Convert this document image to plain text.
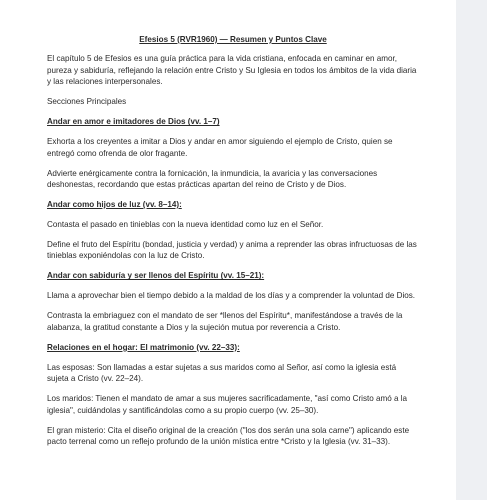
Efesios 5 (RVR1960) — Resumen y Puntos Clave

El capítulo 5 de Efesios es una guía práctica para la vida cristiana, enfocada en caminar en amor, pureza y sabiduría, reflejando la relación entre Cristo y Su Iglesia en todos los ámbitos de la vida diaria y las relaciones interpersonales.

Secciones Principales

Andar en amor e imitadores de Dios (vv. 1–7)

Exhorta a los creyentes a imitar a Dios y andar en amor siguiendo el ejemplo de Cristo, quien se entregó como ofrenda de olor fragante.

Advierte enérgicamente contra la fornicación, la inmundicia, la avaricia y las conversaciones deshonestas, recordando que estas prácticas apartan del reino de Cristo y de Dios.

Andar como hijos de luz (vv. 8–14):

Contasta el pasado en tinieblas con la nueva identidad como luz en el Señor.

Define el fruto del Espíritu (bondad, justicia y verdad) y anima a reprender las obras infructuosas de las tinieblas exponiéndolas con la luz de Cristo.

Andar con sabiduría y ser llenos del Espíritu (vv. 15–21):

Llama a aprovechar bien el tiempo debido a la maldad de los días y a comprender la voluntad de Dios.

Contrasta la embriaguez con el mandato de ser *llenos del Espíritu*, manifestándose a través de la alabanza, la gratitud constante a Dios y la sujeción mutua por reverencia a Cristo.

Relaciones en el hogar: El matrimonio (vv. 22–33):

Las esposas: Son llamadas a estar sujetas a sus maridos como al Señor, así como la iglesia está sujeta a Cristo (vv. 22–24).

Los maridos: Tienen el mandato de amar a sus mujeres sacrificadamente, "así como Cristo amó a la iglesia", cuidándolas y santificándolas como a su propio cuerpo (vv. 25–30).

El gran misterio: Cita el diseño original de la creación ("los dos serán una sola carne") aplicando este pacto terrenal como un reflejo profundo de la unión mística entre *Cristo y la Iglesia (vv. 31–33).
